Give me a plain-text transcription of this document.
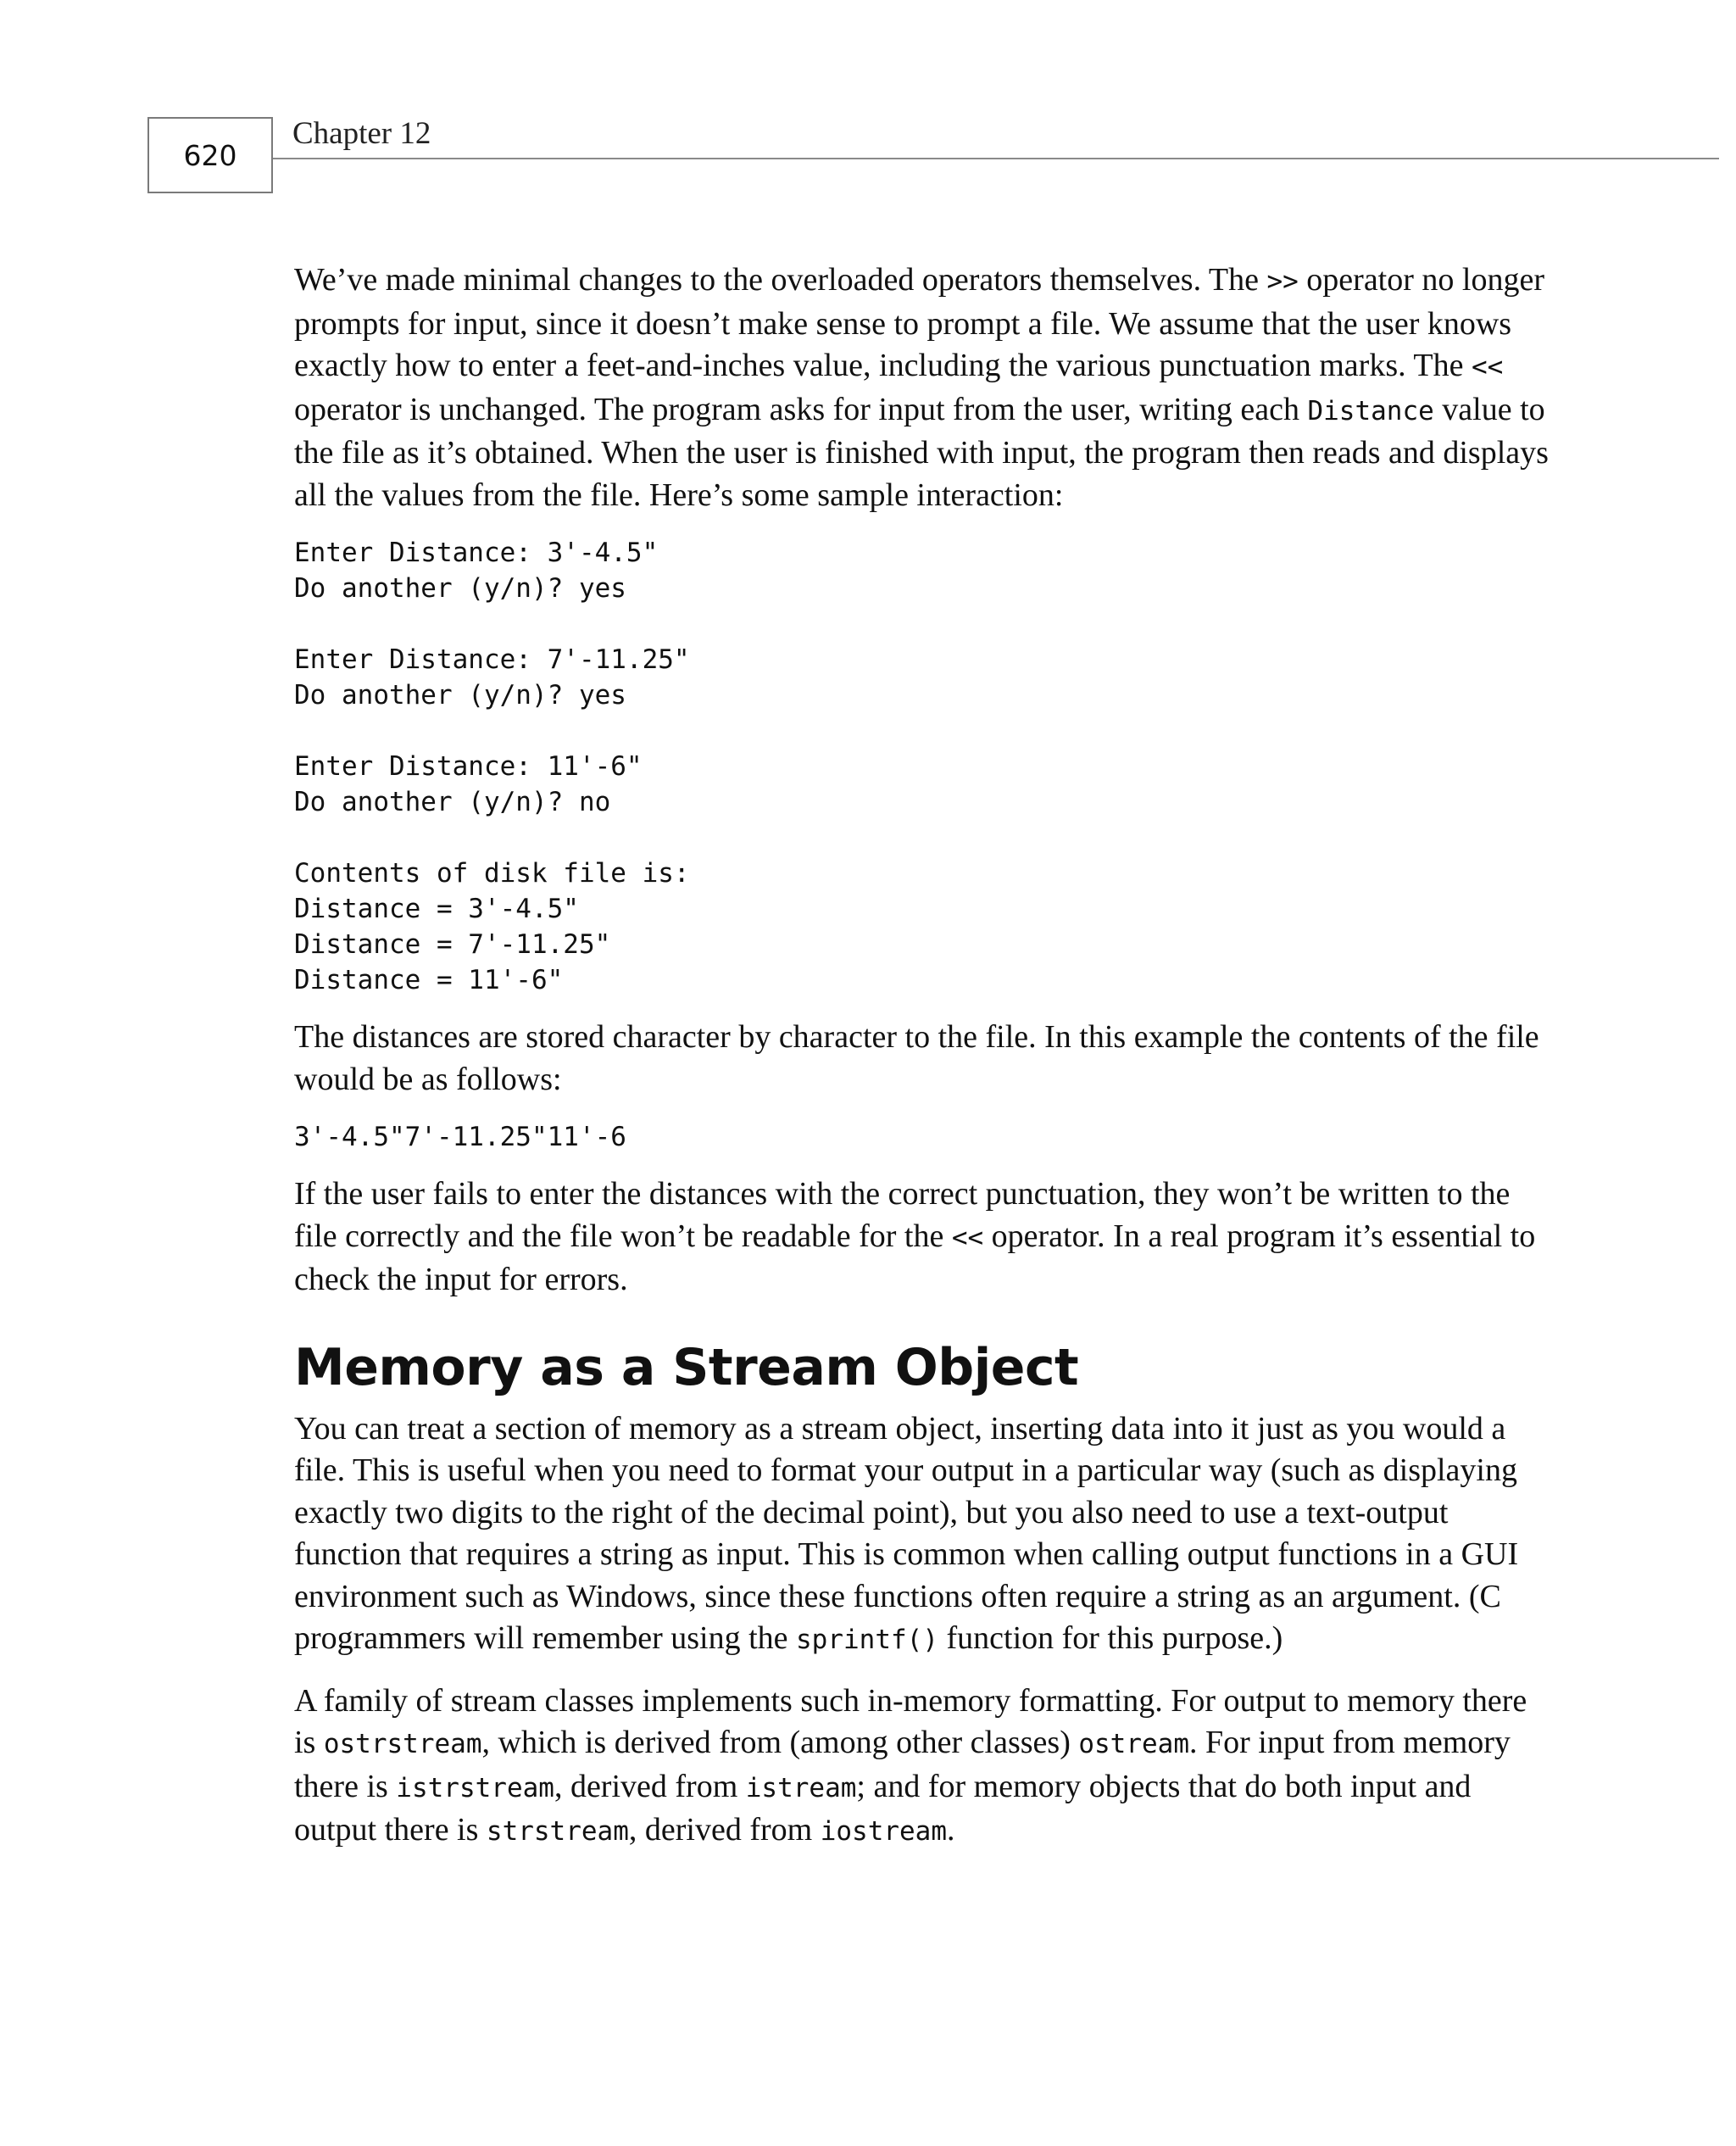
620
Chapter 12

We’ve made minimal changes to the overloaded operators themselves. The >> operator no longer prompts for input, since it doesn’t make sense to prompt a file. We assume that the user knows exactly how to enter a feet-and-inches value, including the various punctuation marks. The << operator is unchanged. The program asks for input from the user, writing each Distance value to the file as it’s obtained. When the user is finished with input, the program then reads and displays all the values from the file. Here’s some sample interaction:

Enter Distance: 3'-4.5"
Do another (y/n)? yes
Enter Distance: 7'-11.25"
Do another (y/n)? yes
Enter Distance: 11'-6"
Do another (y/n)? no
Contents of disk file is:
Distance = 3'-4.5"
Distance = 7'-11.25"
Distance = 11'-6"

The distances are stored character by character to the file. In this example the contents of the file would be as follows:

3'-4.5"7'-11.25"11'-6

If the user fails to enter the distances with the correct punctuation, they won’t be written to the file correctly and the file won’t be readable for the << operator. In a real program it’s essential to check the input for errors.

Memory as a Stream Object

You can treat a section of memory as a stream object, inserting data into it just as you would a file. This is useful when you need to format your output in a particular way (such as displaying exactly two digits to the right of the decimal point), but you also need to use a text-output function that requires a string as input. This is common when calling output functions in a GUI environment such as Windows, since these functions often require a string as an argument. (C programmers will remember using the sprintf() function for this purpose.)

A family of stream classes implements such in-memory formatting. For output to memory there is ostrstream, which is derived from (among other classes) ostream. For input from memory there is istrstream, derived from istream; and for memory objects that do both input and output there is strstream, derived from iostream.
